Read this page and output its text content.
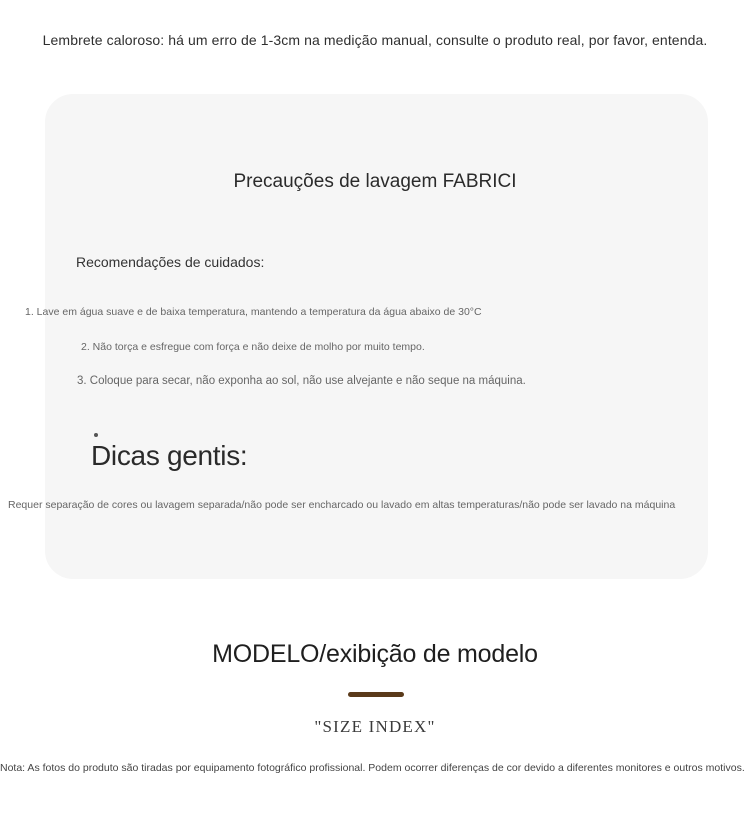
Lembrete caloroso: há um erro de 1-3cm na medição manual, consulte o produto real, por favor, entenda.
Precauções de lavagem FABRICI
Recomendações de cuidados:
1. Lave em água suave e de baixa temperatura, mantendo a temperatura da água abaixo de 30°C
2. Não torça e esfregue com força e não deixe de molho por muito tempo.
3. Coloque para secar, não exponha ao sol, não use alvejante e não seque na máquina.
Dicas gentis:
Requer separação de cores ou lavagem separada/não pode ser encharcado ou lavado em altas temperaturas/não pode ser lavado na máquina
MODELO/exibição de modelo
"SIZE INDEX"
Nota: As fotos do produto são tiradas por equipamento fotográfico profissional. Podem ocorrer diferenças de cor devido a diferentes monitores e outros motivos.
